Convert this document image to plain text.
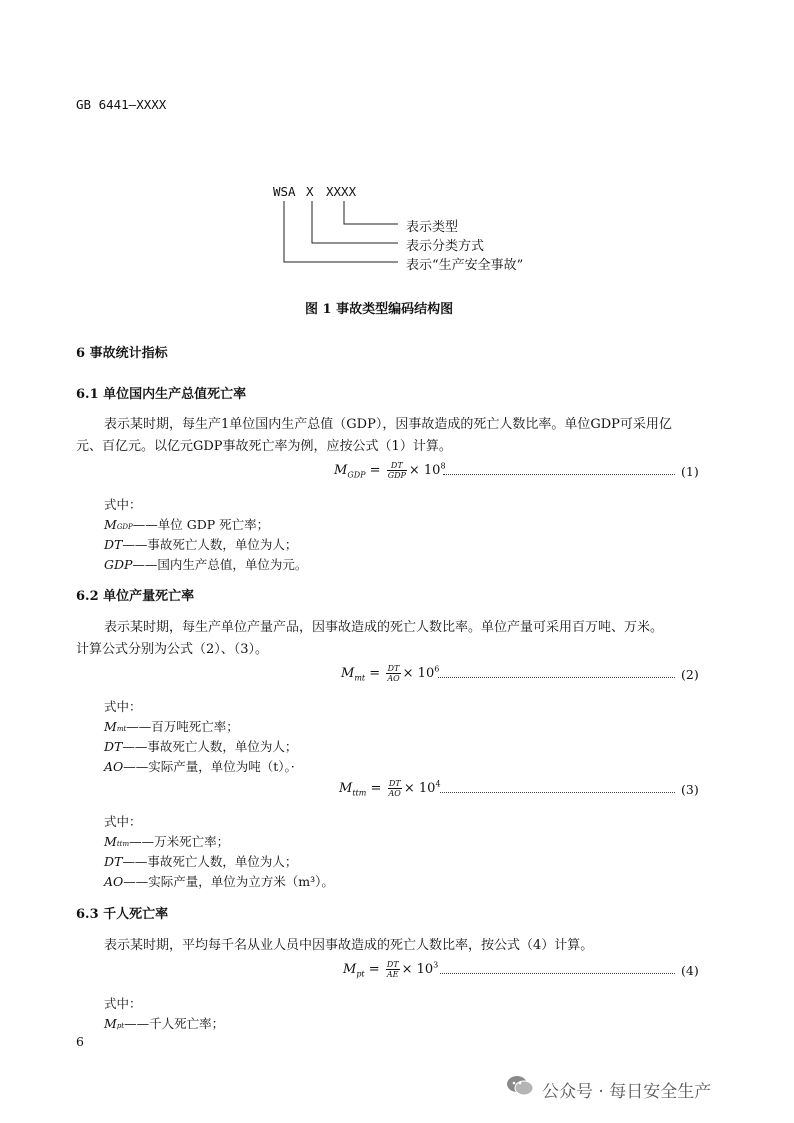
GB 6441—XXXX
WSA X XXXX
表示类型
表示分类方式
表示“生产安全事故”
图 1 事故类型编码结构图
6 事故统计指标
6.1 单位国内生产总值死亡率
表示某时期，每生产1单位国内生产总值（GDP），因事故造成的死亡人数比率。单位GDP可采用亿
元、百亿元。以亿元GDP事故死亡率为例，应按公式（1）计算。
$M_{GDP} = \frac{DT}{\text{GDP}} \times 10^8$	(1)
式中：
MGDP——单位 GDP 死亡率；
DT——事故死亡人数，单位为人；
GDP——国内生产总值，单位为元。
6.2 单位产量死亡率
表示某时期，每生产单位产量产品，因事故造成的死亡人数比率。单位产量可采用百万吨、万米。
计算公式分别为公式（2）、（3）。
$M_{mt} = \frac{DT}{AO} \times 10^6$	(2)
式中：
Mmt——百万吨死亡率；
DT——事故死亡人数，单位为人；
AO——实际产量，单位为吨（t）。·
$M_{ttm} = \frac{DT}{AO} \times 10^4$	(3)
式中：
Mttm——万米死亡率；
DT——事故死亡人数，单位为人；
AO——实际产量，单位为立方米（m³）。
6.3 千人死亡率
表示某时期，平均每千名从业人员中因事故造成的死亡人数比率，按公式（4）计算。
$M_{pt} = \frac{DT}{AE} \times 10^3$	(4)
式中：
Mpt——千人死亡率；
6
公众号 · 每日安全生产
